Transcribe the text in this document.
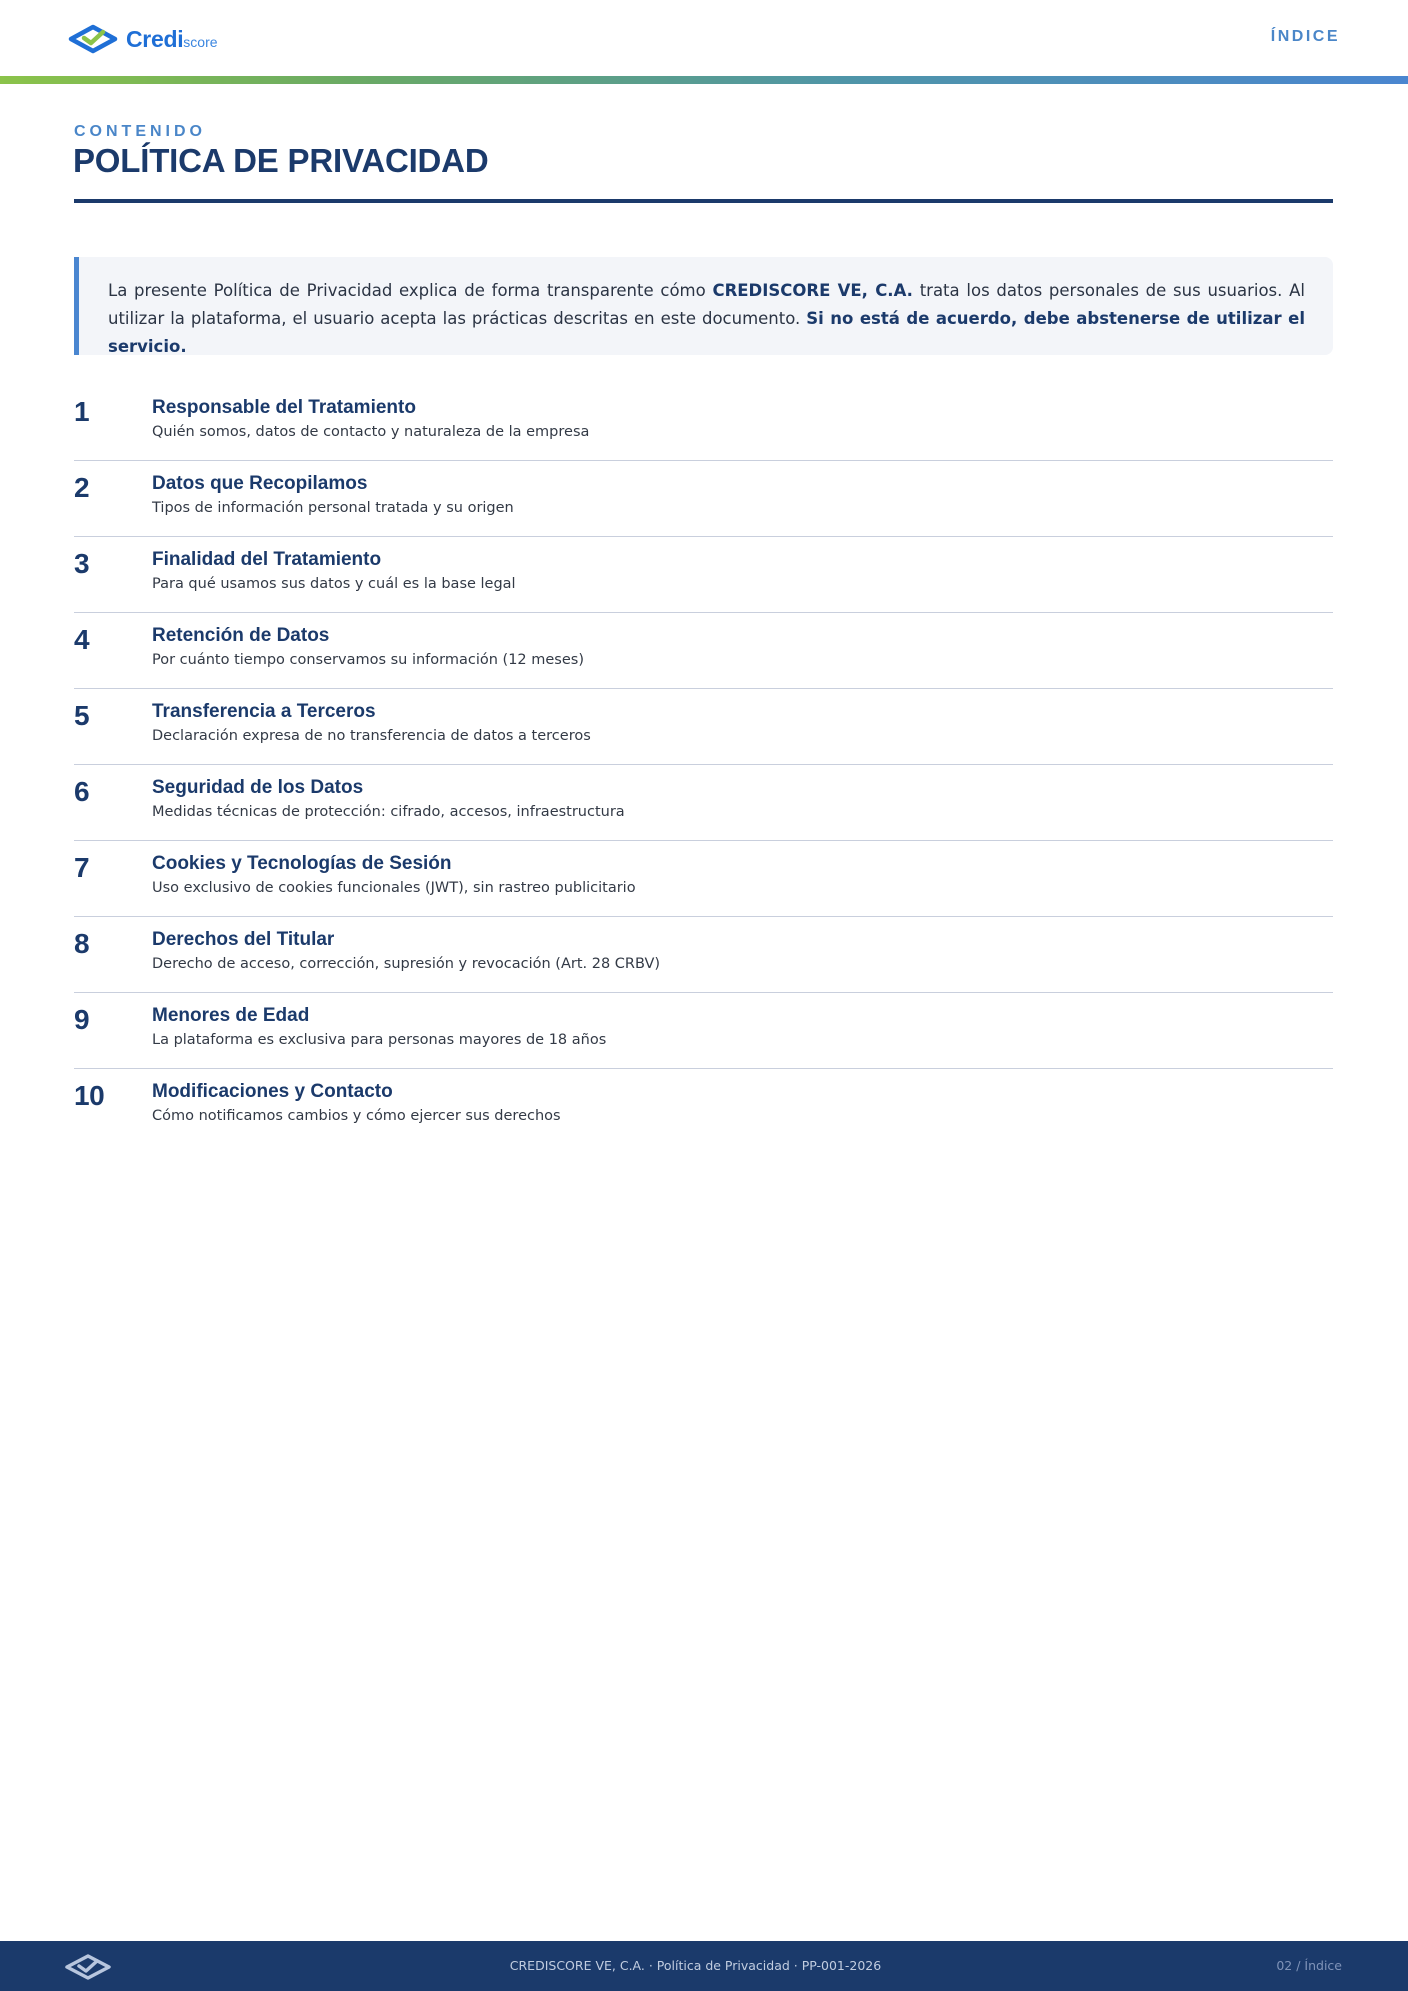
Crediscore	ÍNDICE
CONTENIDO
POLÍTICA DE PRIVACIDAD
La presente Política de Privacidad explica de forma transparente cómo CREDISCORE VE, C.A. trata los datos personales de sus usuarios. Al utilizar la plataforma, el usuario acepta las prácticas descritas en este documento. Si no está de acuerdo, debe abstenerse de utilizar el servicio.
1	Responsable del Tratamiento
Quién somos, datos de contacto y naturaleza de la empresa
2	Datos que Recopilamos
Tipos de información personal tratada y su origen
3	Finalidad del Tratamiento
Para qué usamos sus datos y cuál es la base legal
4	Retención de Datos
Por cuánto tiempo conservamos su información (12 meses)
5	Transferencia a Terceros
Declaración expresa de no transferencia de datos a terceros
6	Seguridad de los Datos
Medidas técnicas de protección: cifrado, accesos, infraestructura
7	Cookies y Tecnologías de Sesión
Uso exclusivo de cookies funcionales (JWT), sin rastreo publicitario
8	Derechos del Titular
Derecho de acceso, corrección, supresión y revocación (Art. 28 CRBV)
9	Menores de Edad
La plataforma es exclusiva para personas mayores de 18 años
10	Modificaciones y Contacto
Cómo notificamos cambios y cómo ejercer sus derechos
CREDISCORE VE, C.A. · Política de Privacidad · PP-001-2026	02 / Índice
